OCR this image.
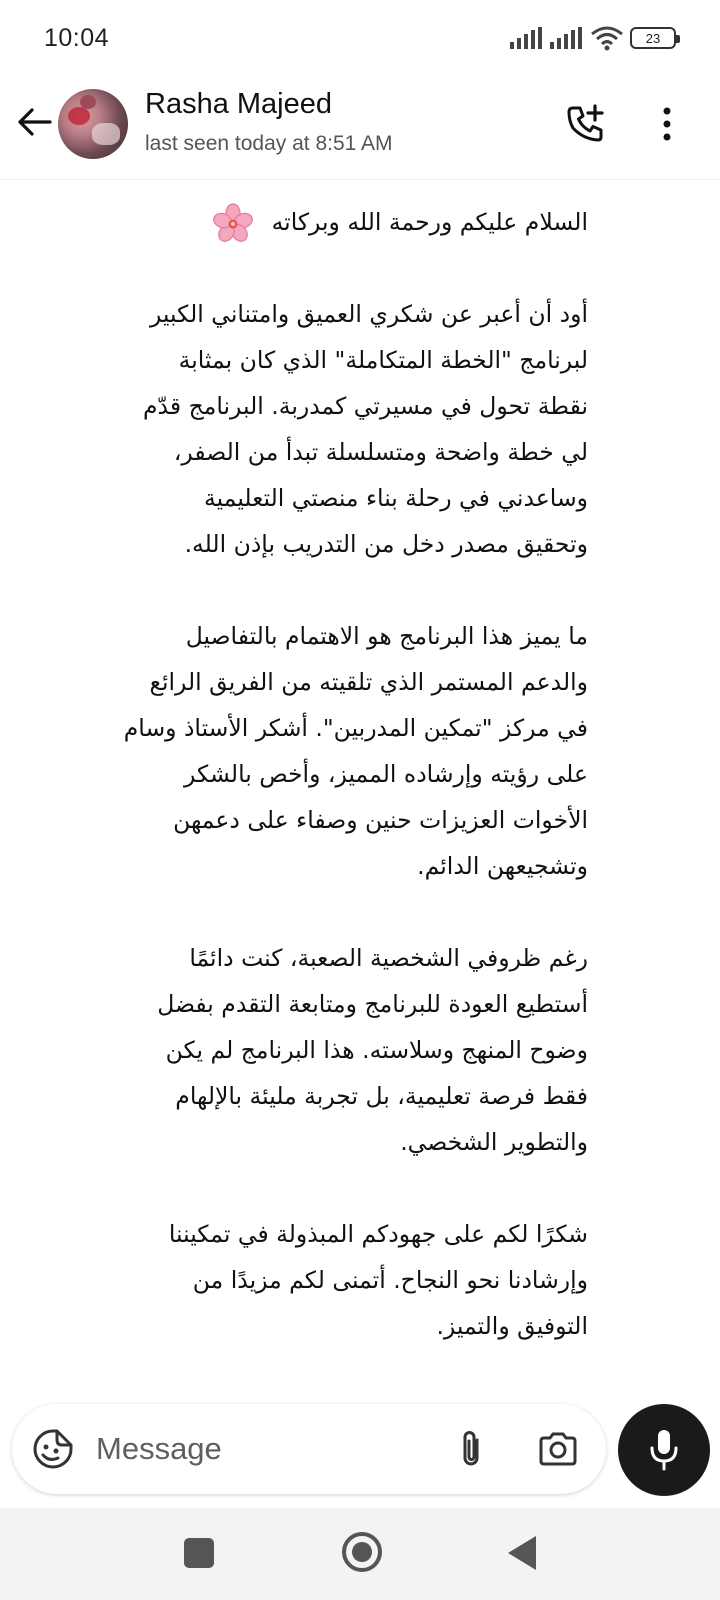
10:04	23
Rasha Majeed
last seen today at 8:51 AM

السلام عليكم ورحمة الله وبركاته

أود أن أعبر عن شكري العميق وامتناني الكبير
لبرنامج "الخطة المتكاملة" الذي كان بمثابة
نقطة تحول في مسيرتي كمدربة. البرنامج قدّم
لي خطة واضحة ومتسلسلة تبدأ من الصفر،
وساعدني في رحلة بناء منصتي التعليمية
وتحقيق مصدر دخل من التدريب بإذن الله.

ما يميز هذا البرنامج هو الاهتمام بالتفاصيل
والدعم المستمر الذي تلقيته من الفريق الرائع
في مركز "تمكين المدربين". أشكر الأستاذ وسام
على رؤيته وإرشاده المميز، وأخص بالشكر
الأخوات العزيزات حنين وصفاء على دعمهن
وتشجيعهن الدائم.

رغم ظروفي الشخصية الصعبة، كنت دائمًا
أستطيع العودة للبرنامج ومتابعة التقدم بفضل
وضوح المنهج وسلاسته. هذا البرنامج لم يكن
فقط فرصة تعليمية، بل تجربة مليئة بالإلهام
والتطوير الشخصي.

شكرًا لكم على جهودكم المبذولة في تمكيننا
وإرشادنا نحو النجاح. أتمنى لكم مزيدًا من
التوفيق والتميز.

Message
